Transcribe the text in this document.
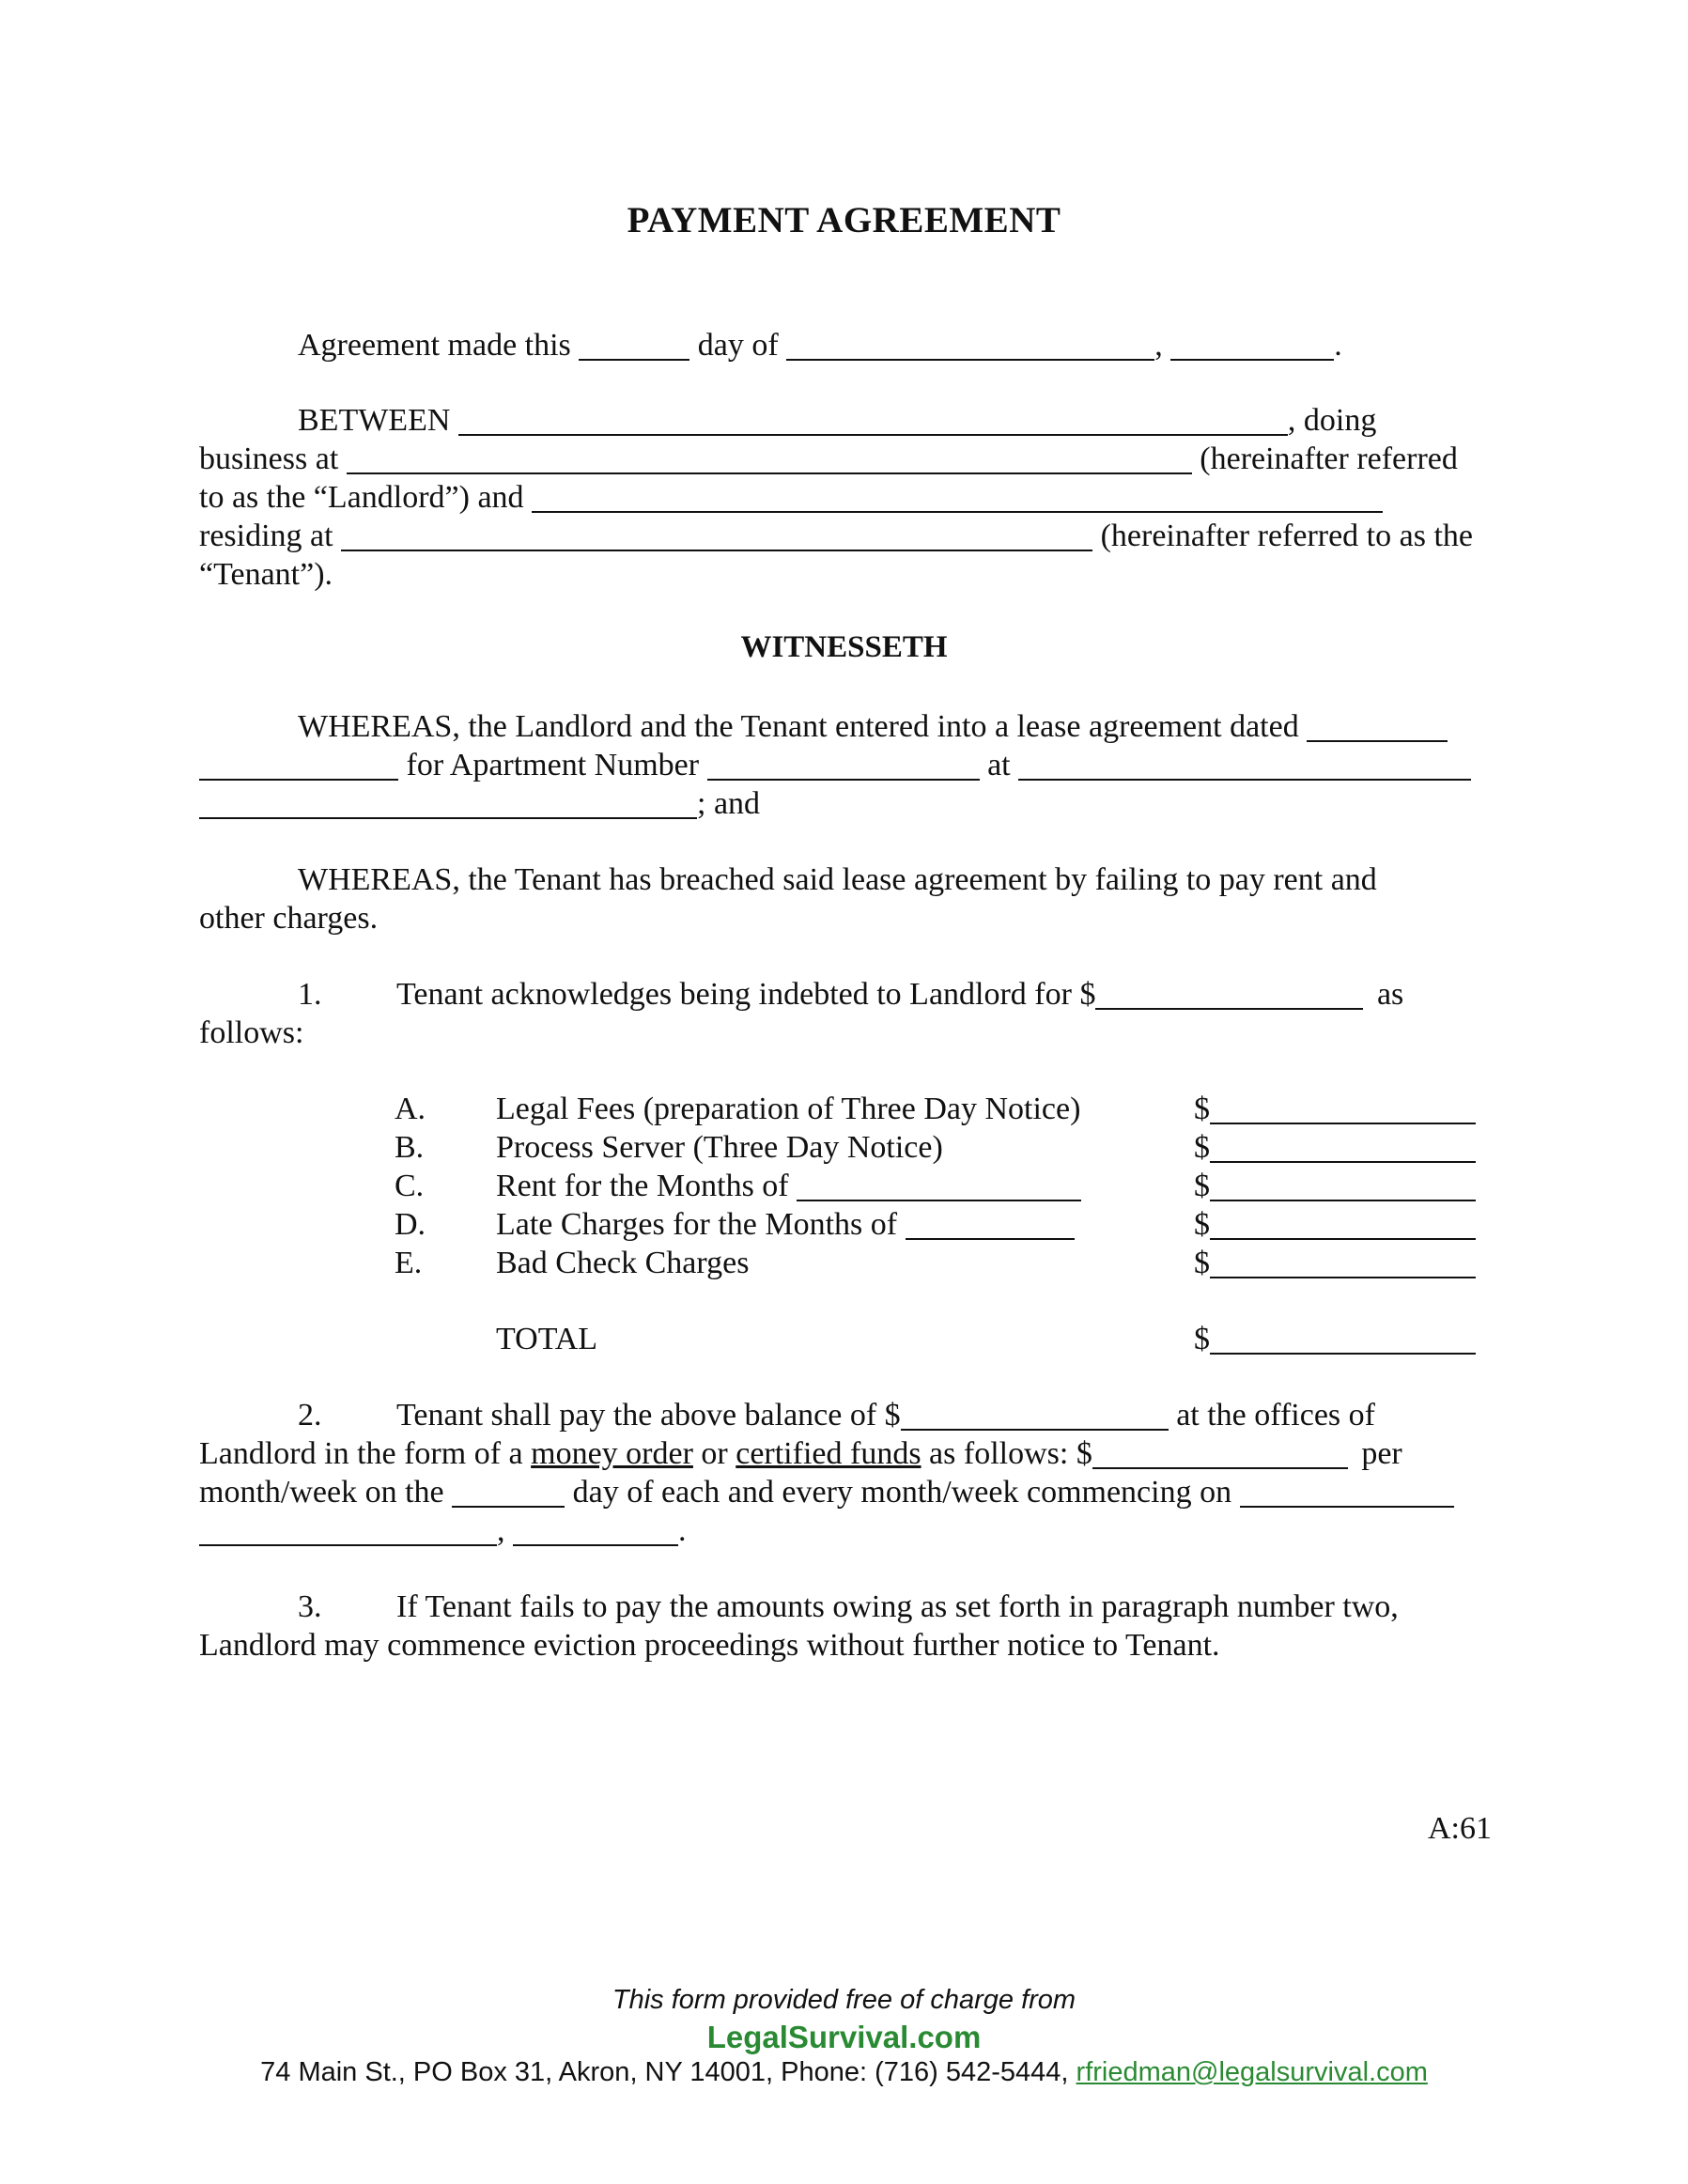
PAYMENT AGREEMENT
Agreement made this	day of	,	.
BETWEEN	, doing
business at	(hereinafter referred
to as the “Landlord”) and
residing at	(hereinafter referred to as the
“Tenant”).
WITNESSETH
WHEREAS, the Landlord and the Tenant entered into a lease agreement dated
for Apartment Number	at
; and
WHEREAS, the Tenant has breached said lease agreement by failing to pay rent and
other charges.
1. Tenant acknowledges being indebted to Landlord for $	as
follows:
A. Legal Fees (preparation of Three Day Notice)	$
B. Process Server (Three Day Notice)	$
C. Rent for the Months of	$
D. Late Charges for the Months of	$
E. Bad Check Charges	$
TOTAL	$
2. Tenant shall pay the above balance of $	at the offices of
Landlord in the form of a money order or certified funds as follows: $	per
month/week on the	day of each and every month/week commencing on
,	.
3. If Tenant fails to pay the amounts owing as set forth in paragraph number two,
Landlord may commence eviction proceedings without further notice to Tenant.
A:61
This form provided free of charge from
LegalSurvival.com
74 Main St., PO Box 31, Akron, NY 14001, Phone: (716) 542-5444, rfriedman@legalsurvival.com
